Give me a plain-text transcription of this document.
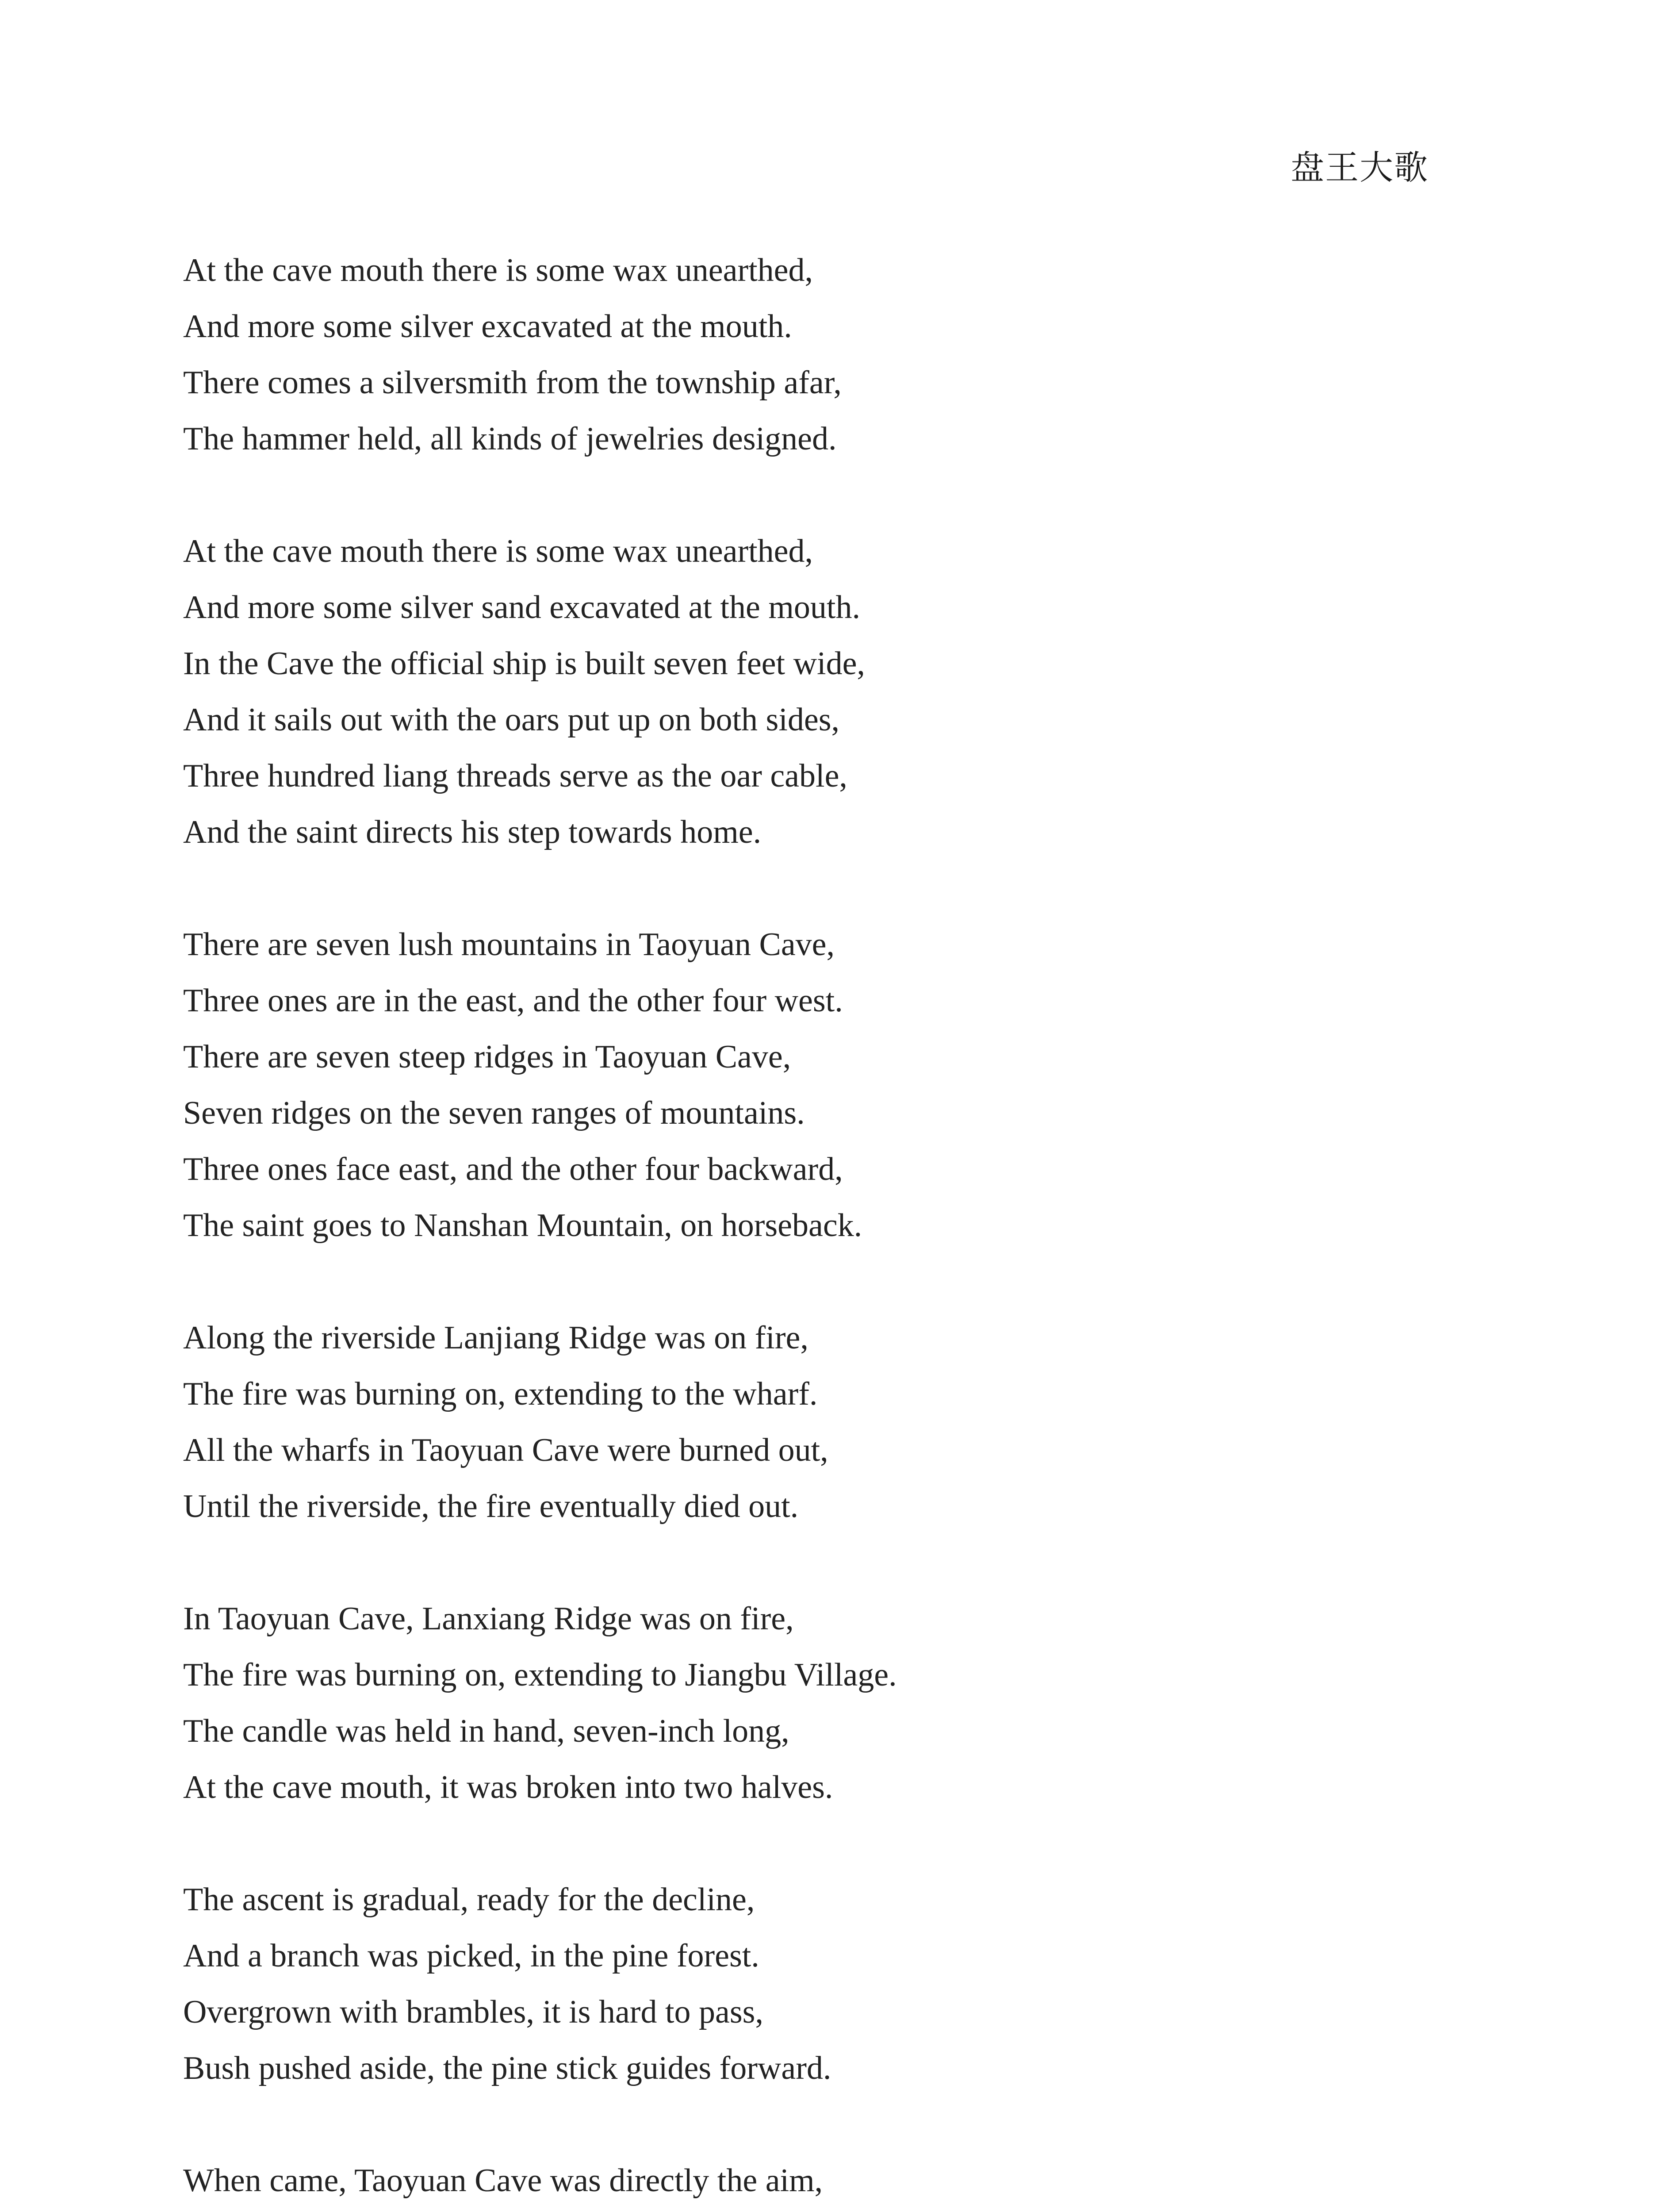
盘王大歌
At the cave mouth there is some wax unearthed,
And more some silver excavated at the mouth.
There comes a silversmith from the township afar,
The hammer held, all kinds of jewelries designed.
At the cave mouth there is some wax unearthed,
And more some silver sand excavated at the mouth.
In the Cave the official ship is built seven feet wide,
And it sails out with the oars put up on both sides,
Three hundred liang threads serve as the oar cable,
And the saint directs his step towards home.
There are seven lush mountains in Taoyuan Cave,
Three ones are in the east, and the other four west.
There are seven steep ridges in Taoyuan Cave,
Seven ridges on the seven ranges of mountains.
Three ones face east, and the other four backward,
The saint goes to Nanshan Mountain, on horseback.
Along the riverside Lanjiang Ridge was on fire,
The fire was burning on, extending to the wharf.
All the wharfs in Taoyuan Cave were burned out,
Until the riverside, the fire eventually died out.
In Taoyuan Cave, Lanxiang Ridge was on fire,
The fire was burning on, extending to Jiangbu Village.
The candle was held in hand, seven-inch long,
At the cave mouth, it was broken into two halves.
The ascent is gradual, ready for the decline,
And a branch was picked, in the pine forest.
Overgrown with brambles, it is hard to pass,
Bush pushed aside, the pine stick guides forward.
When came, Taoyuan Cave was directly the aim,
